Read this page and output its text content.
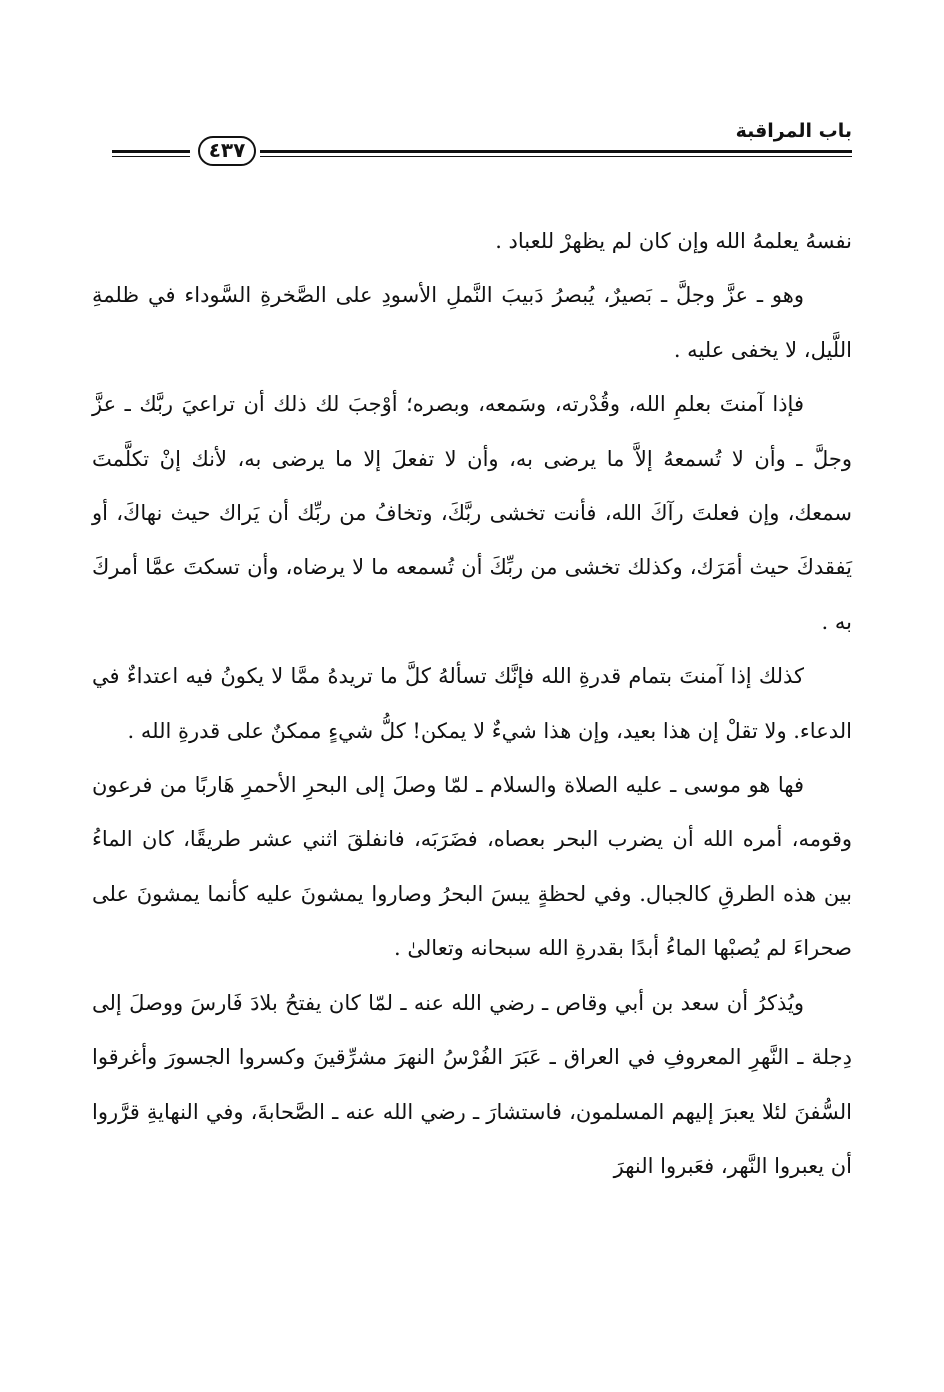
باب المراقبة
٤٣٧

نفسهُ يعلمهُ الله وإن كان لم يظهرْ للعباد .

وهو ـ عزَّ وجلَّ ـ بَصيرٌ، يُبصرُ دَبيبَ النَّملِ الأسودِ على الصَّخرةِ السَّوداء في ظلمةِ اللَّيل، لا يخفى عليه .

فإذا آمنتَ بعلمِ الله، وقُدْرته، وسَمعه، وبصره؛ أوْجبَ لك ذلك أن تراعيَ ربَّك ـ عزَّ وجلَّ ـ وأن لا تُسمعهُ إلاَّ ما يرضى به، وأن لا تفعلَ إلا ما يرضى به، لأنك إنْ تكلَّمتَ سمعك، وإن فعلتَ رآكَ الله، فأنت تخشى ربَّكَ، وتخافُ من ربِّك أن يَراك حيث نهاكَ، أو يَفقدكَ حيث أمَرَك، وكذلك تخشى من ربِّكَ أن تُسمعه ما لا يرضاه، وأن تسكتَ عمَّا أمركَ به .

كذلك إذا آمنتَ بتمام قدرةِ الله فإنَّك تسألهُ كلَّ ما تريدهُ ممَّا لا يكونُ فيه اعتداءٌ في الدعاء. ولا تقلْ إن هذا بعيد، وإن هذا شيءٌ لا يمكن! كلُّ شيءٍ ممكنٌ على قدرةِ الله .

فها هو موسى ـ عليه الصلاة والسلام ـ لمّا وصلَ إلى البحرِ الأحمرِ هَاربًا من فرعون وقومه، أمره الله أن يضرب البحر بعصاه، فضَرَبَه، فانفلقَ اثني عشر طريقًا، كان الماءُ بين هذه الطرقِ كالجبال. وفي لحظةٍ يبسَ البحرُ وصاروا يمشونَ عليه كأنما يمشونَ على صحراءَ لم يُصبْها الماءُ أبدًا بقدرةِ الله سبحانه وتعالىٰ .

ويُذكرُ أن سعد بن أبي وقاص ـ رضي الله عنه ـ لمّا كان يفتحُ بلادَ فَارسَ ووصلَ إلى دِجلة ـ النَّهرِ المعروفِ في العراق ـ عَبَرَ الفُرْسُ النهرَ مشرِّقينَ وكسروا الجسورَ وأغرقوا السُّفنَ لئلا يعبرَ إليهم المسلمون، فاستشارَ ـ رضي الله عنه ـ الصَّحابةَ، وفي النهايةِ قرَّروا أن يعبروا النَّهر، فعَبروا النهرَ
